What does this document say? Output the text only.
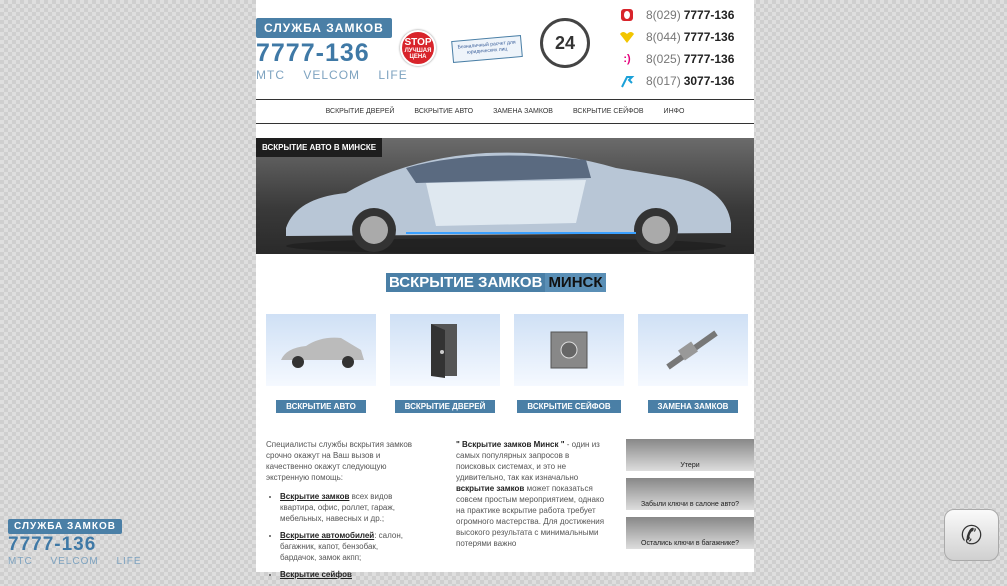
СЛУЖБА ЗАМКОВ
7777-136
МТС VELCOM LIFE
STOP
ЛУЧШАЯ ЦЕНА
Безналичный расчет для юридических лиц	24
8(029) 7777-136
8(044) 7777-136
:)	8(025) 7777-136
8(017) 3077-136
ВСКРЫТИЕ ДВЕРЕЙ	ВСКРЫТИЕ АВТО	ЗАМЕНА ЗАМКОВ	ВСКРЫТИЕ СЕЙФОВ	ИНФО
ВСКРЫТИЕ АВТО В МИНСКЕ
ВСКРЫТИЕ ЗАМКОВ МИНСК
ВСКРЫТИЕ АВТО	ВСКРЫТИЕ ДВЕРЕЙ	ВСКРЫТИЕ СЕЙФОВ	ЗАМЕНА ЗАМКОВ

Специалисты службы вскрытия замков срочно окажут на Ваш вызов и качественно окажут следующую экстренную помощь:

• Вскрытие замков всех видов квартира, офис, роллет, гараж, мебельных, навесных и др.;
• Вскрытие автомобилей: салон, багажник, капот, бензобак, бардачок, замок акпп;
• Вскрытие сейфов
" Вскрытие замков Минск " - один из самых популярных запросов в поисковых системах, и это не удивительно, так как изначально вскрытие замков может показаться совсем простым мероприятием, однако на практике вскрытие работа требует огромного мастерства. Для достижения высокого результата с минимальными потерями важно
Утери
Забыли ключи в салоне авто?
Остались ключи в багажнике?
СЛУЖБА ЗАМКОВ
7777-136
МТС VELCOM LIFE
✆
